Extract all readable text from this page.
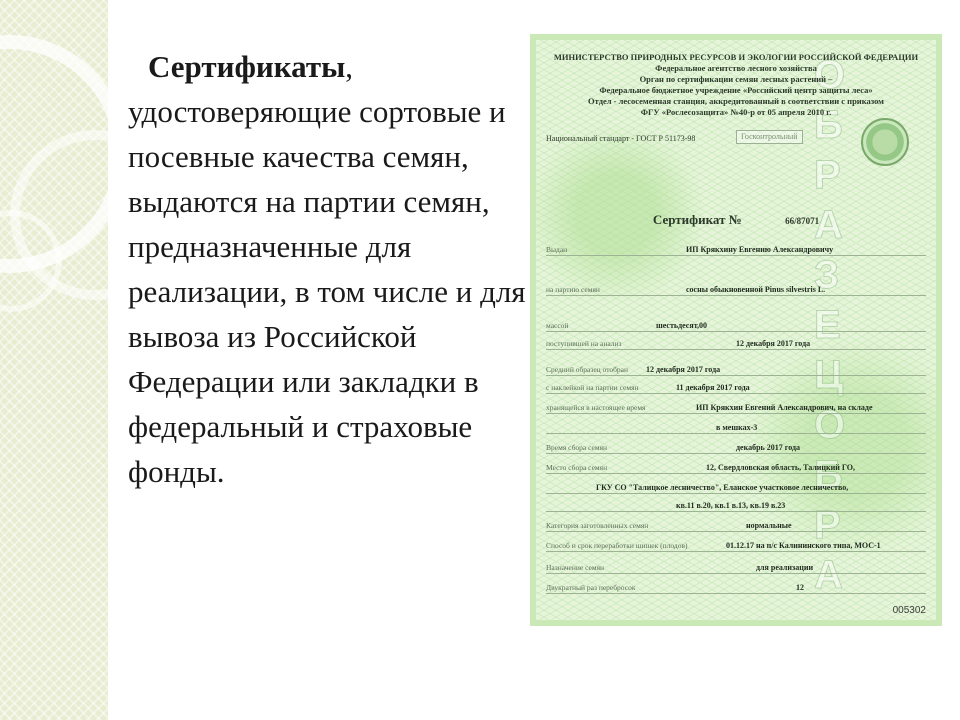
Сертификаты, удостоверяющие сортовые и посевные качества семян, выдаются на партии семян, предназначенные для реализации, в том числе и для вывоза из Российской Федерации или закладки в федеральный и страховые фонды.
О
Б
Р
А
З
Е
Ц
О
Б
Р
А
МИНИСТЕРСТВО ПРИРОДНЫХ РЕСУРСОВ И ЭКОЛОГИИ РОССИЙСКОЙ ФЕДЕРАЦИИ
Федеральное агентство лесного хозяйства
Орган по сертификации семян лесных растений –
Федеральное бюджетное учреждение «Российский центр защиты леса»
Отдел - лесосеменная станция, аккредитованный в соответствии с приказом
ФГУ «Рослесозащита» №40-р от 05 апреля 2010 г.
Национальный стандарт - ГОСТ Р 51173-98	Госконтрольный
Сертификат №	66/87071
Выдан	ИП Крякхину Евгению Александровичу
на партию семян	сосны обыкновенной Pinus silvestris L.
массой	шестьдесят,00
поступившей на анализ	12 декабря 2017 года
Средний образец отобран 12 декабря 2017 года
с наклейкой на партии семян	11 декабря 2017 года
хранящейся в настоящее время	ИП Крякхин Евгений Александрович, на складе
в мешках-3
Время сбора семян	декабрь 2017 года
Место сбора семян	12, Свердловская область, Талицкий ГО,
ГКУ СО "Талицкое лесничество", Еланское участковое лесничество,
кв.11 в.20, кв.1 в.13, кв.19 в.23
Категория заготовленных семян	нормальные
Способ и срок переработки шишек (плодов)	01.12.17 на п/с Калининского типа, МОС-1
Назначение семян	для реализации
Двукратный раз перебросок	12
005302
